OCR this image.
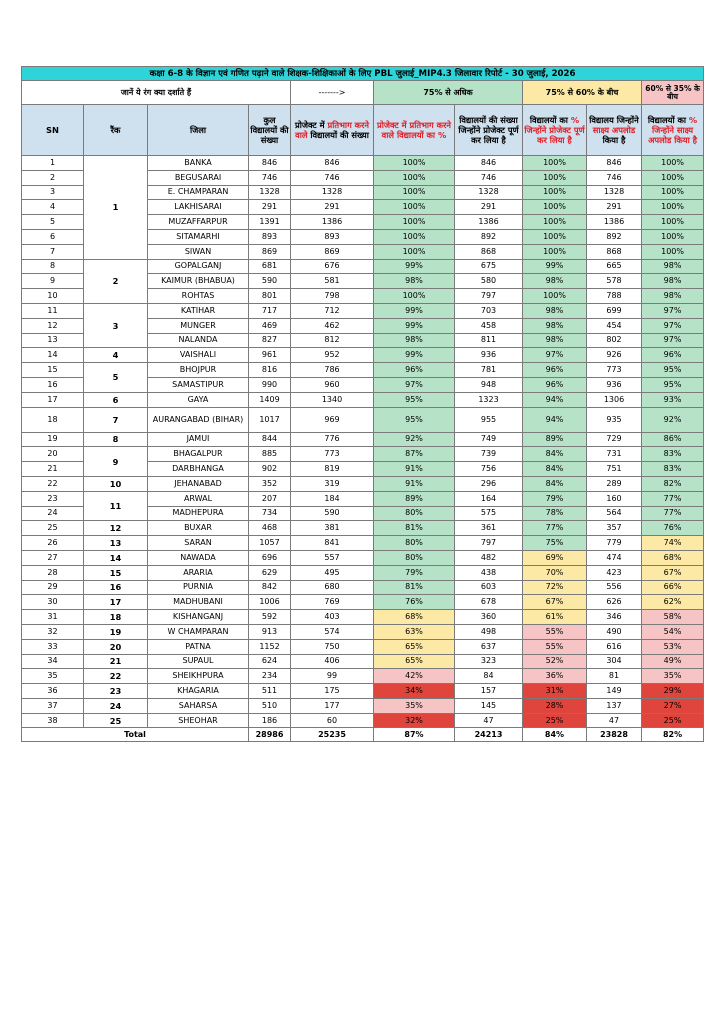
कक्षा 6-8 के विज्ञान एवं गणित पढ़ाने वाले शिक्षक-शिक्षिकाओं के लिए PBL जुलाई_MIP4.3 जिलावार रिपोर्ट - 30 जुलाई, 2026										
जानें ये रंग क्या दर्शाते हैं				------->	75% से अधिक		75% से 60% के बीच		60% से 35% के बीच	
SN	रैंक	जिला	कुल विद्यालयों की संख्या	प्रोजेक्ट में प्रतिभाग करने वाले विद्यालयों की संख्या	प्रोजेक्ट में प्रतिभाग करने वाले विद्यालयों का %	विद्यालयों की संख्या जिन्होंने प्रोजेक्ट पूर्ण कर लिया है	विद्यालयों का % जिन्होंने प्रोजेक्ट पूर्ण कर लिया है	विद्यालय जिन्होंने साक्ष्य अपलोड किया है	विद्यालयों का % जिन्होंने साक्ष्य अपलोड किया है	
1	1	BANKA	846	846	100%	846	100%	846	100%	
2		BEGUSARAI	746	746	100%	746	100%	746	100%	
3		E. CHAMPARAN	1328	1328	100%	1328	100%	1328	100%	
4		LAKHISARAI	291	291	100%	291	100%	291	100%	
5		MUZAFFARPUR	1391	1386	100%	1386	100%	1386	100%	
6		SITAMARHI	893	893	100%	892	100%	892	100%	
7		SIWAN	869	869	100%	868	100%	868	100%	
8	2	GOPALGANJ	681	676	99%	675	99%	665	98%	
9		KAIMUR (BHABUA)	590	581	98%	580	98%	578	98%	
10		ROHTAS	801	798	100%	797	100%	788	98%	
11	3	KATIHAR	717	712	99%	703	98%	699	97%	
12		MUNGER	469	462	99%	458	98%	454	97%	
13		NALANDA	827	812	98%	811	98%	802	97%	
14	4	VAISHALI	961	952	99%	936	97%	926	96%	
15	5	BHOJPUR	816	786	96%	781	96%	773	95%	
16		SAMASTIPUR	990	960	97%	948	96%	936	95%	
17	6	GAYA	1409	1340	95%	1323	94%	1306	93%	
18	7	AURANGABAD (BIHAR)	1017	969	95%	955	94%	935	92%	
19	8	JAMUI	844	776	92%	749	89%	729	86%	
20	9	BHAGALPUR	885	773	87%	739	84%	731	83%	
21		DARBHANGA	902	819	91%	756	84%	751	83%	
22	10	JEHANABAD	352	319	91%	296	84%	289	82%	
23	11	ARWAL	207	184	89%	164	79%	160	77%	
24		MADHEPURA	734	590	80%	575	78%	564	77%	
25	12	BUXAR	468	381	81%	361	77%	357	76%	
26	13	SARAN	1057	841	80%	797	75%	779	74%	
27	14	NAWADA	696	557	80%	482	69%	474	68%	
28	15	ARARIA	629	495	79%	438	70%	423	67%	
29	16	PURNIA	842	680	81%	603	72%	556	66%	
30	17	MADHUBANI	1006	769	76%	678	67%	626	62%	
31	18	KISHANGANJ	592	403	68%	360	61%	346	58%	
32	19	W CHAMPARAN	913	574	63%	498	55%	490	54%	
33	20	PATNA	1152	750	65%	637	55%	616	53%	
34	21	SUPAUL	624	406	65%	323	52%	304	49%	
35	22	SHEIKHPURA	234	99	42%	84	36%	81	35%	
36	23	KHAGARIA	511	175	34%	157	31%	149	29%	
37	24	SAHARSA	510	177	35%	145	28%	137	27%	
38	25	SHEOHAR	186	60	32%	47	25%	47	25%	
Total			28986	25235	87%	24213	84%	23828	82%	
